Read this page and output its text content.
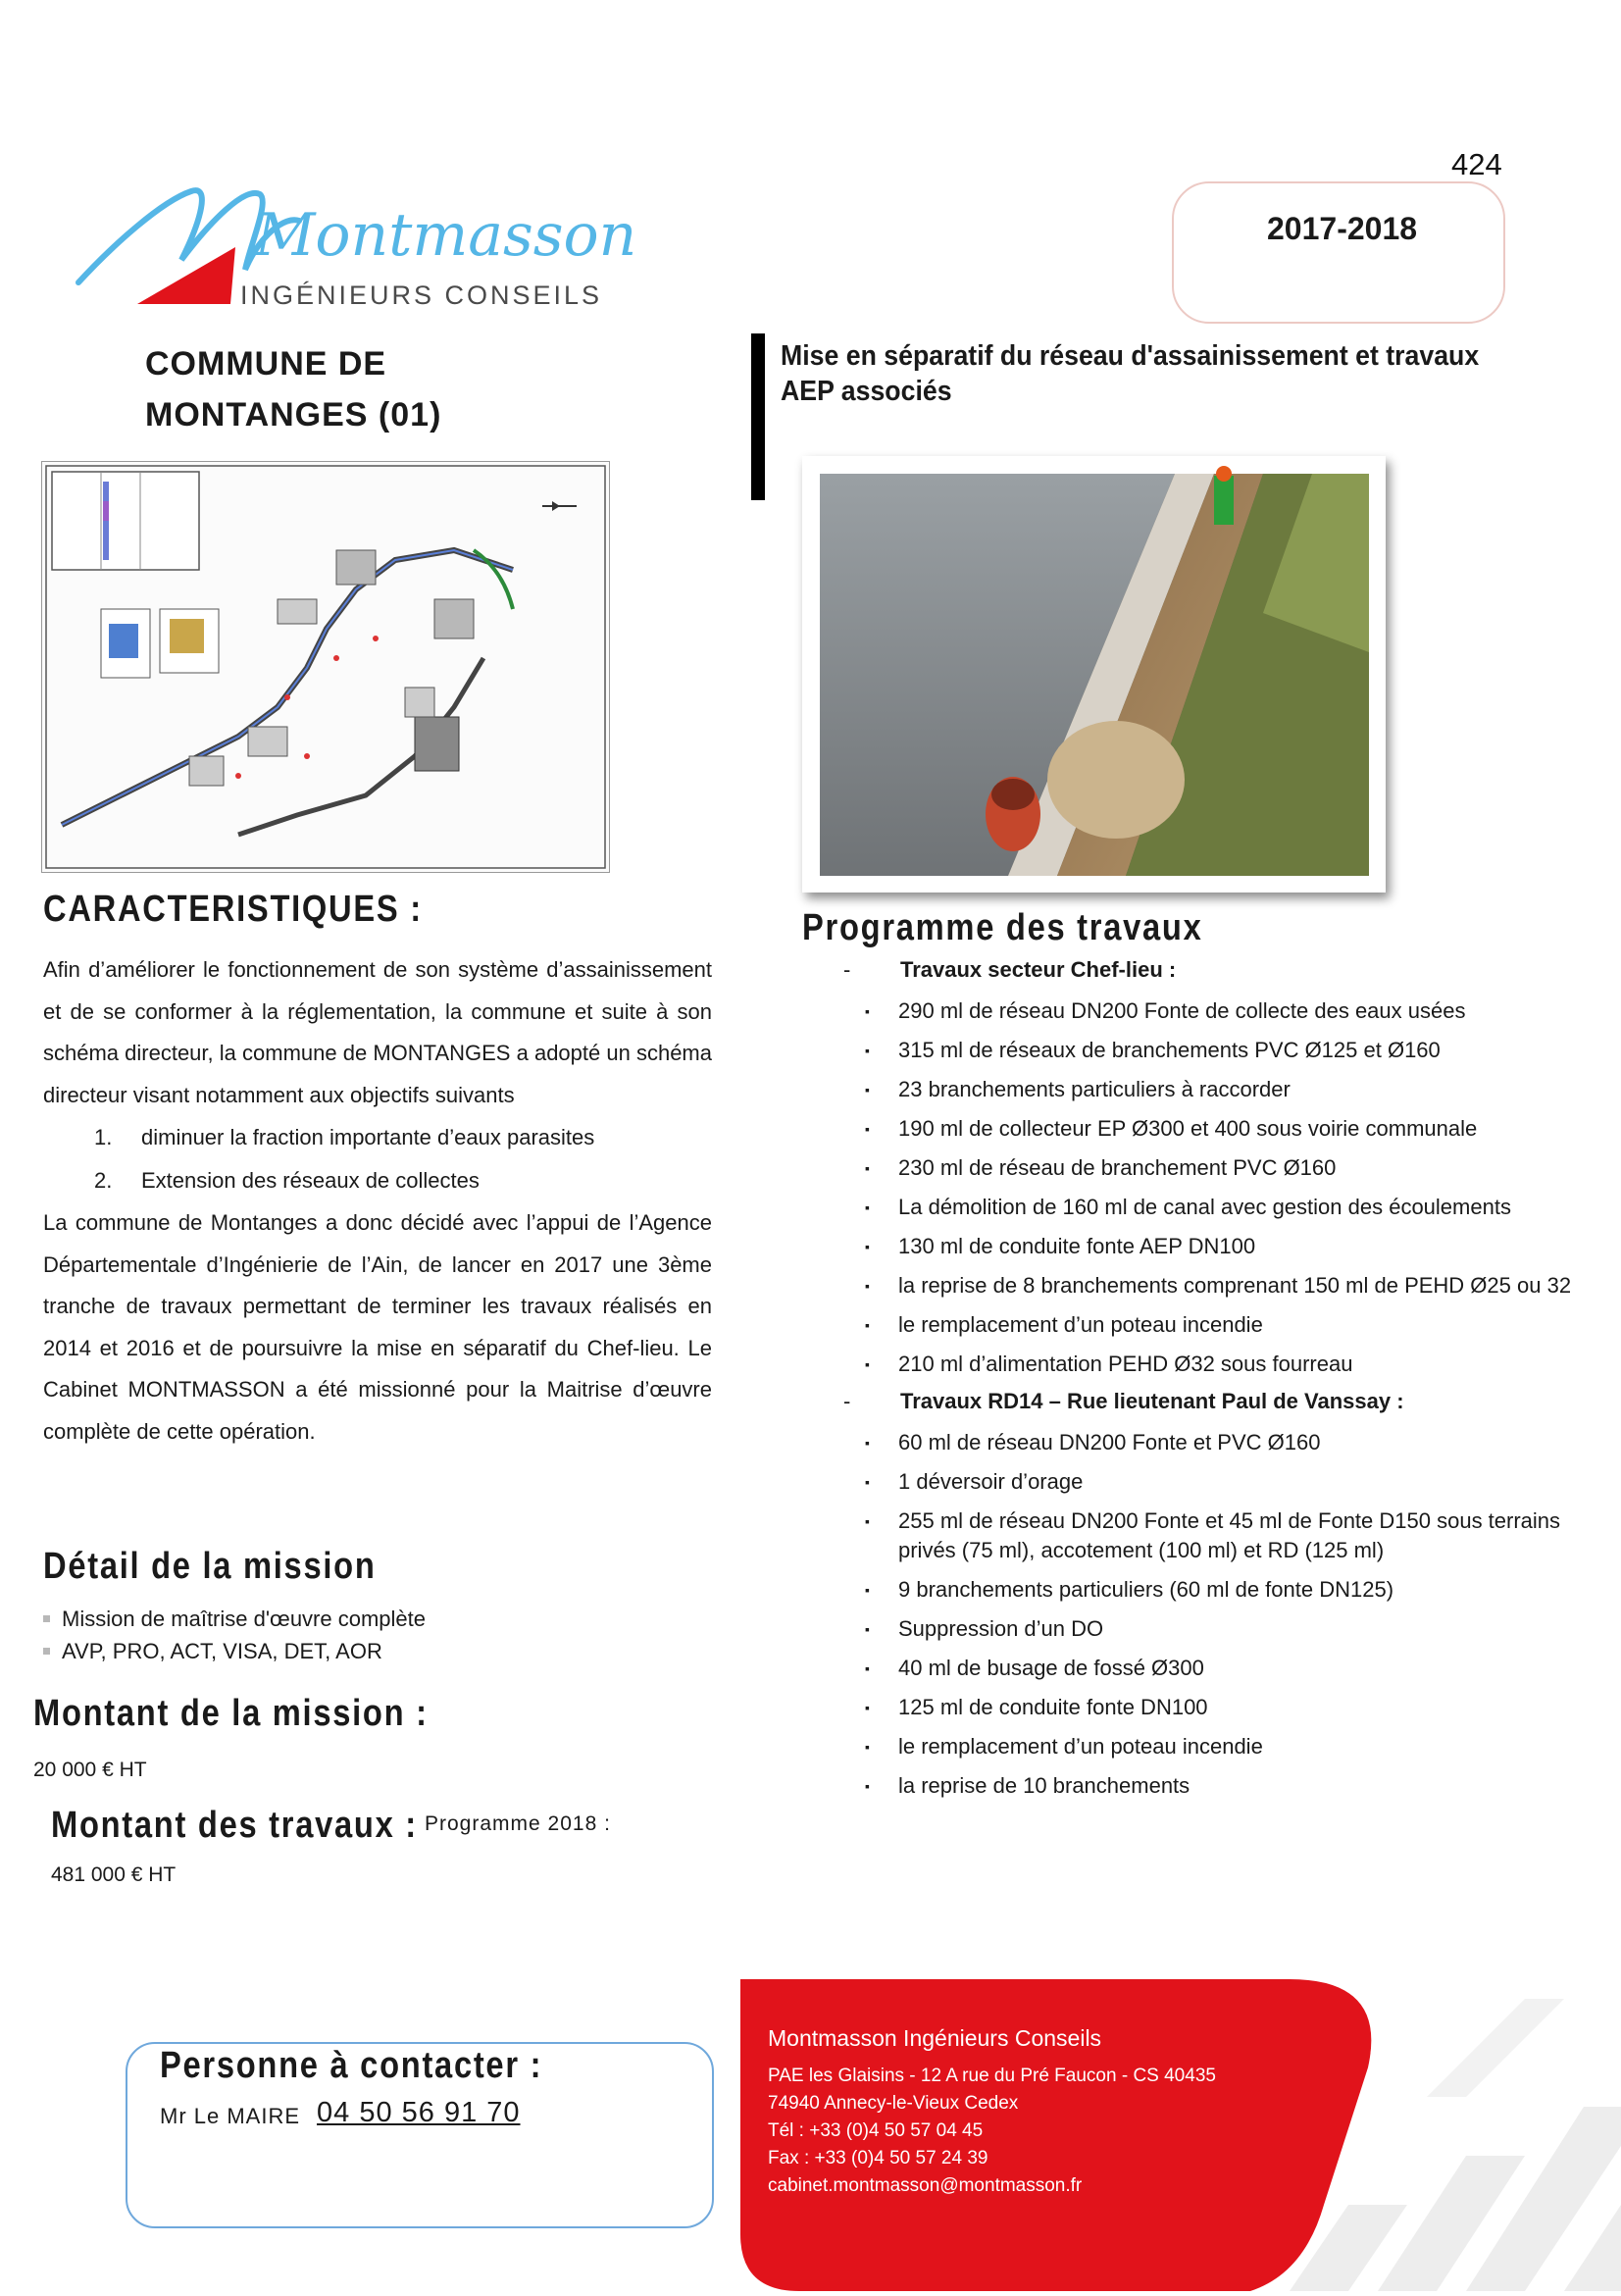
Montmasson
INGÉNIEURS CONSEILS
424
2017-2018
COMMUNE DE
MONTANGES (01)
Mise en séparatif du réseau d'assainissement et travaux AEP associés
CARACTERISTIQUES :

Afin d’améliorer le fonctionnement de son système d’assainissement et de se conformer à la réglementation, la commune et suite à son schéma directeur, la commune de MONTANGES a adopté un schéma directeur visant notamment aux objectifs suivants

1.	diminuer la fraction importante d’eaux parasites
2.	Extension des réseaux de collectes

La commune de Montanges a donc décidé avec l’appui de l’Agence Départementale d’Ingénierie de l’Ain, de lancer en 2017 une 3ème tranche de travaux permettant de terminer les travaux réalisés en 2014 et 2016 et de poursuivre la mise en séparatif du Chef-lieu. Le Cabinet MONTMASSON a été missionné pour la Maitrise d’œuvre complète de cette opération.

Détail de la mission
Mission de maîtrise d'œuvre complète
AVP, PRO, ACT, VISA, DET, AOR
Montant de la mission :
20 000 € HT
Montant des travaux : Programme 2018 :
481 000 € HT
Programme des travaux
-	Travaux secteur Chef-lieu :
▪	290 ml de réseau DN200 Fonte de collecte des eaux usées
▪	315 ml de réseaux de branchements PVC Ø125 et Ø160
▪	23 branchements particuliers à raccorder
▪	190 ml de collecteur EP Ø300 et 400 sous voirie communale
▪	230 ml de réseau de branchement PVC Ø160
▪	La démolition de 160 ml de canal avec gestion des écoulements
▪	130 ml de conduite fonte AEP DN100
▪	la reprise de 8 branchements comprenant 150 ml de PEHD Ø25 ou 32
▪	le remplacement d’un poteau incendie
▪	210 ml d’alimentation PEHD Ø32 sous fourreau
-	Travaux RD14 – Rue lieutenant Paul de Vanssay :
▪	60 ml de réseau DN200 Fonte et PVC Ø160
▪	1 déversoir d’orage
▪	255 ml de réseau DN200 Fonte et 45 ml de Fonte D150 sous terrains privés (75 ml), accotement (100 ml) et RD (125 ml)
▪	9 branchements particuliers (60 ml de fonte DN125)
▪	Suppression d’un DO
▪	40 ml de busage de fossé Ø300
▪	125 ml de conduite fonte DN100
▪	le remplacement d’un poteau incendie
▪	la reprise de 10 branchements
Personne à contacter :
Mr Le MAIRE 04 50 56 91 70
Montmasson Ingénieurs Conseils
PAE les Glaisins - 12 A rue du Pré Faucon - CS 40435
74940 Annecy-le-Vieux Cedex
Tél : +33 (0)4 50 57 04 45
Fax : +33 (0)4 50 57 24 39
cabinet.montmasson@montmasson.fr
